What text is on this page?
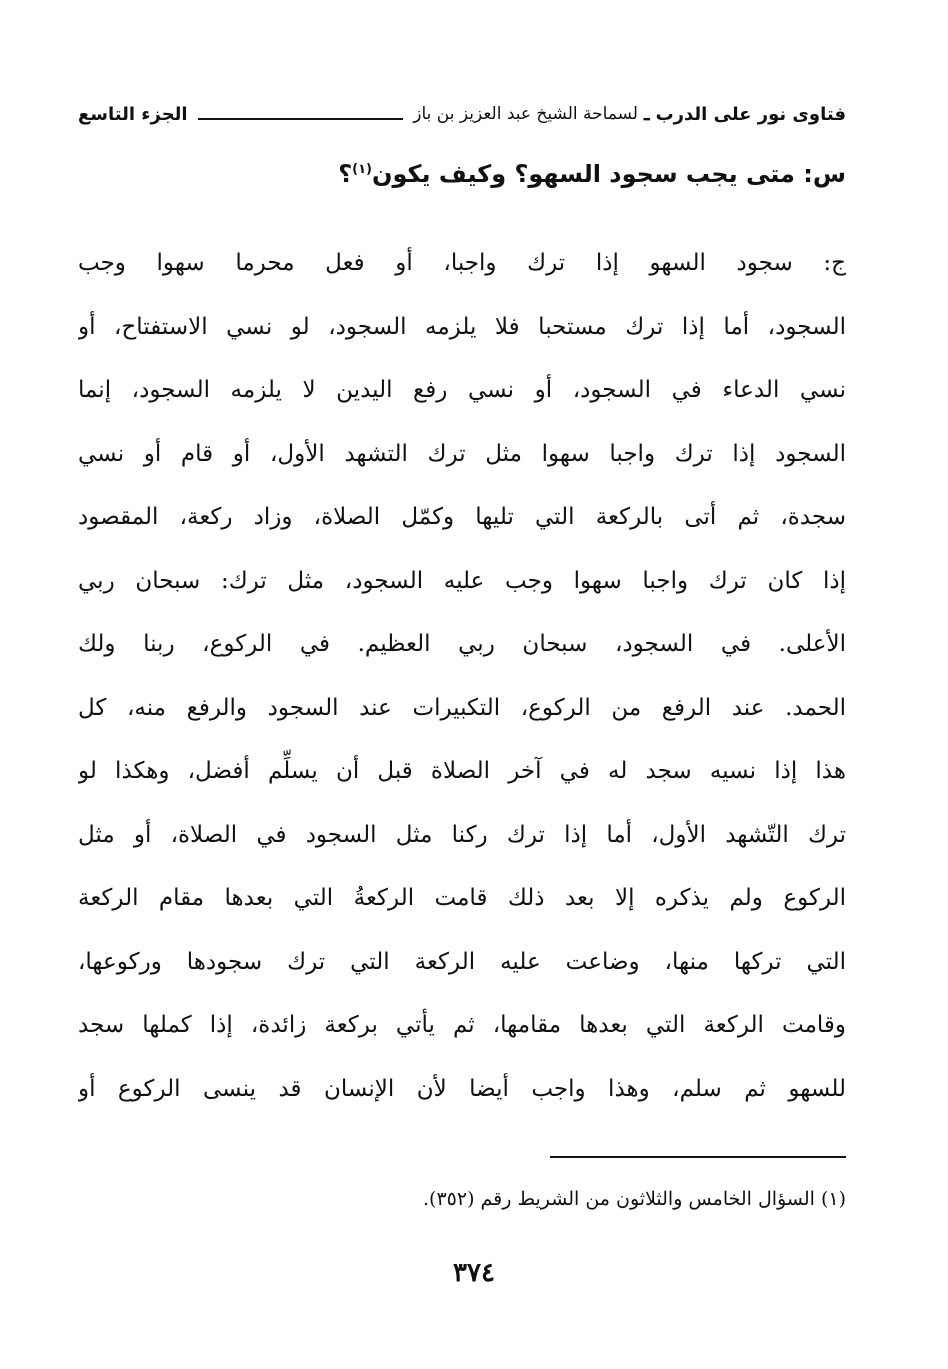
فتاوى نور على الدرب
ـ
لسماحة الشيخ عبد العزيز بن باز
الجزء التاسع
س: متى يجب سجود السهو؟ وكيف يكون$^{(١)}$؟
ج: سجود السهو إذا ترك واجبا، أو فعل محرما سهوا وجب
السجود، أما إذا ترك مستحبا فلا يلزمه السجود، لو نسي الاستفتاح، أو
نسي الدعاء في السجود، أو نسي رفع اليدين لا يلزمه السجود، إنما
السجود إذا ترك واجبا سهوا مثل ترك التشهد الأول، أو قام أو نسي
سجدة، ثم أتى بالركعة التي تليها وكمّل الصلاة، وزاد ركعة، المقصود
إذا كان ترك واجبا سهوا وجب عليه السجود، مثل ترك: سبحان ربي
الأعلى. في السجود، سبحان ربي العظيم. في الركوع، ربنا ولك
الحمد. عند الرفع من الركوع، التكبيرات عند السجود والرفع منه، كل
هذا إذا نسيه سجد له في آخر الصلاة قبل أن يسلِّم أفضل، وهكذا لو
ترك التّشهد الأول، أما إذا ترك ركنا مثل السجود في الصلاة، أو مثل
الركوع ولم يذكره إلا بعد ذلك قامت الركعةُ التي بعدها مقام الركعة
التي تركها منها، وضاعت عليه الركعة التي ترك سجودها وركوعها،
وقامت الركعة التي بعدها مقامها، ثم يأتي بركعة زائدة، إذا كملها سجد
للسهو ثم سلم، وهذا واجب أيضا لأن الإنسان قد ينسى الركوع أو
(١) السؤال الخامس والثلاثون من الشريط رقم (٣٥٢).
٣٧٤
